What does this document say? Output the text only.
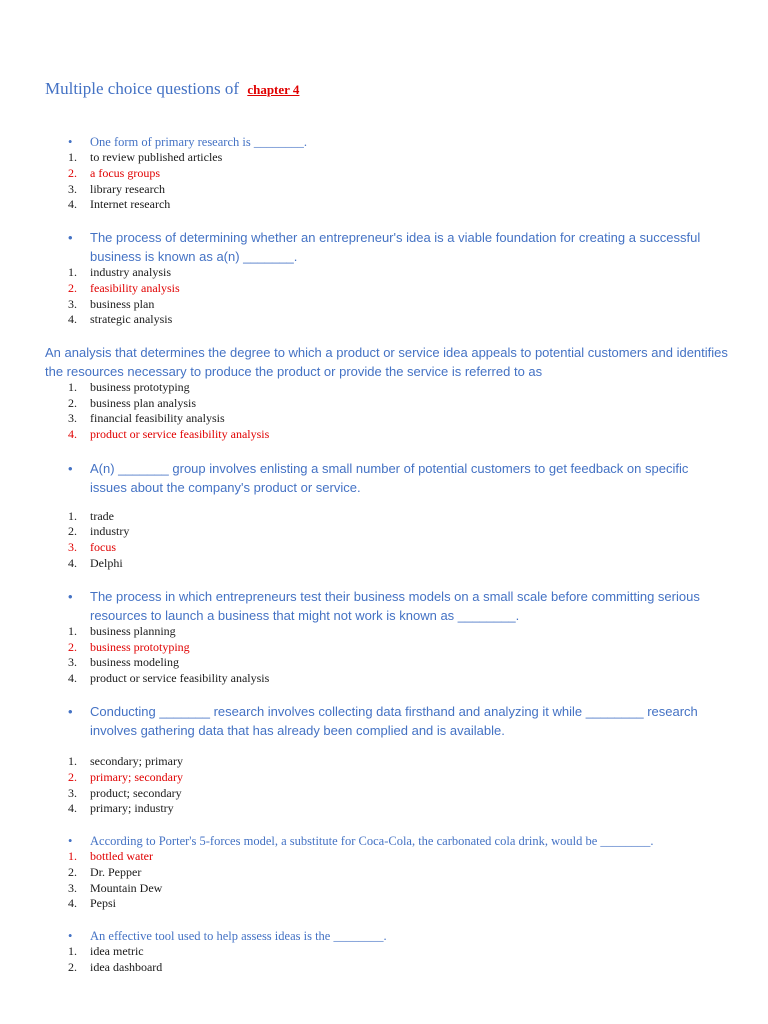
Multiple choice questions of chapter 4
• One form of primary research is ________.
1. to review published articles
2. a focus groups
3. library research
4. Internet research
• The process of determining whether an entrepreneur's idea is a viable foundation for creating a successful business is known as a(n) _______.
1. industry analysis
2. feasibility analysis
3. business plan
4. strategic analysis
An analysis that determines the degree to which a product or service idea appeals to potential customers and identifies the resources necessary to produce the product or provide the service is referred to as
1. business prototyping
2. business plan analysis
3. financial feasibility analysis
4. product or service feasibility analysis
• A(n) _______ group involves enlisting a small number of potential customers to get feedback on specific issues about the company's product or service.
1. trade
2. industry
3. focus
4. Delphi
• The process in which entrepreneurs test their business models on a small scale before committing serious resources to launch a business that might not work is known as ________.
1. business planning
2. business prototyping
3. business modeling
4. product or service feasibility analysis
• Conducting _______ research involves collecting data firsthand and analyzing it while ________ research involves gathering data that has already been complied and is available.
1. secondary; primary
2. primary; secondary
3. product; secondary
4. primary; industry
• According to Porter's 5-forces model, a substitute for Coca-Cola, the carbonated cola drink, would be ________.
1. bottled water
2. Dr. Pepper
3. Mountain Dew
4. Pepsi
• An effective tool used to help assess ideas is the ________.
1. idea metric
2. idea dashboard
